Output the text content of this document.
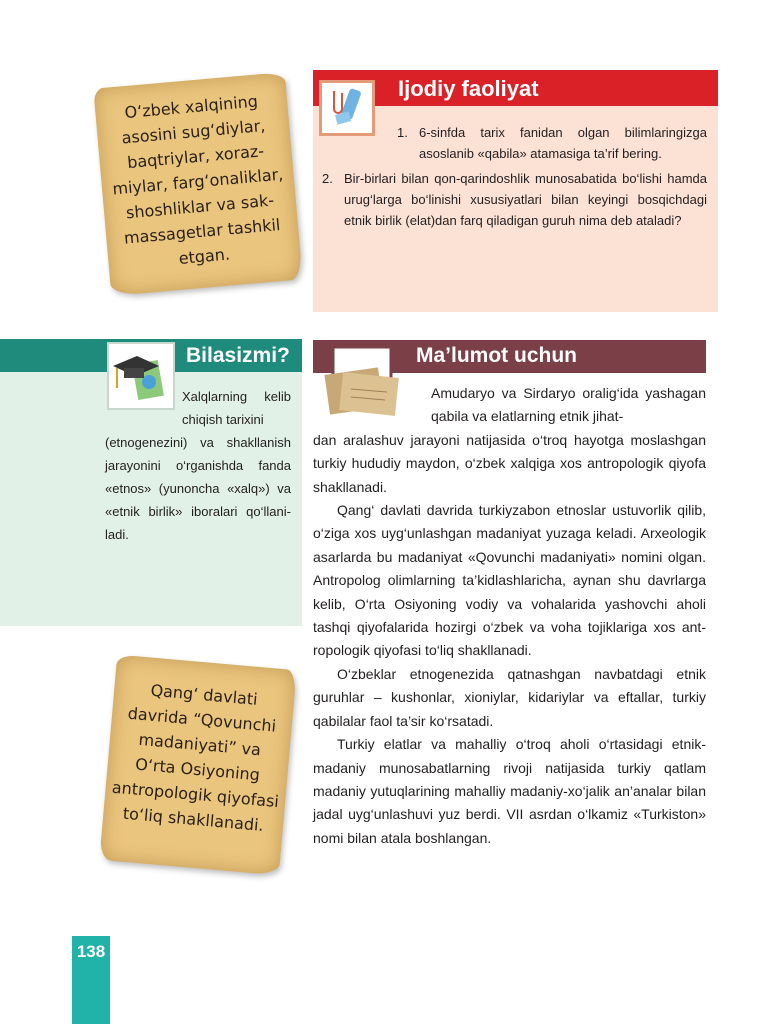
O‘zbek xalqining
asosini sug‘diylar,
baqtriylar, xoraz-
miylar, farg‘onaliklar,
shoshliklar va sak-
massagetlar tashkil
etgan.
Ijodiy faoliyat
1. 6-sinfda tarix fanidan olgan bilimlaringizga asoslanib «qabila» atamasiga ta’rif bering.
2. Bir-birlari bilan qon-qarindoshlik munosabatida bo‘lishi hamda urug‘larga bo‘linishi xususiyatlari bilan keyingi bosqichdagi etnik birlik (elat)dan farq qiladigan guruh nima deb ataladi?
Bilasizmi?
Xalqlarning kelib chiqish tarixini
(etnogenezini) va shakllanish jarayonini o‘rganishda fanda «etnos» (yunoncha «xalq») va «etnik birlik» iboralari qo‘llaniladi.
Qang‘ davlati
davrida “Qovunchi
madaniyati” va
O‘rta Osiyoning
antropologik qiyofasi
to‘liq shakllanadi.
Ma’lumot uchun

Amudaryo va Sirdaryo oralig‘ida yashagan qabila va elatlarning etnik jihat-
dan aralashuv jarayoni natijasida o‘troq hayotga moslashgan turkiy hududiy maydon, o‘zbek xalqiga xos antropologik qiyofa shakllanadi.

Qang‘ davlati davrida turkiyzabon etnoslar ustuvorlik qilib, o‘ziga xos uyg‘unlashgan madaniyat yuzaga keladi. Arxeologik asarlarda bu madaniyat «Qovunchi madaniyati» nomini olgan. Antropolog olimlarning ta’kidlashlaricha, aynan shu davrlarga kelib, O‘rta Osiyoning vodiy va vohalarida yashovchi aholi tashqi qiyofalarida hozirgi o‘zbek va voha tojiklariga xos antropologik qiyofasi to‘liq shakllanadi.

O‘zbeklar etnogenezida qatnashgan navbatdagi etnik guruhlar – kushonlar, xioniylar, kidariylar va eftallar, turkiy qabilalar faol ta’sir ko‘rsatadi.

Turkiy elatlar va mahalliy o‘troq aholi o‘rtasidagi etnik-madaniy munosabatlarning rivoji natijasida turkiy qatlam madaniy yutuqlarining mahalliy madaniy-xo‘jalik an’analar bilan jadal uyg‘unlashuvi yuz berdi. VII asrdan o‘lkamiz «Turkiston» nomi bilan atala boshlangan.

138
